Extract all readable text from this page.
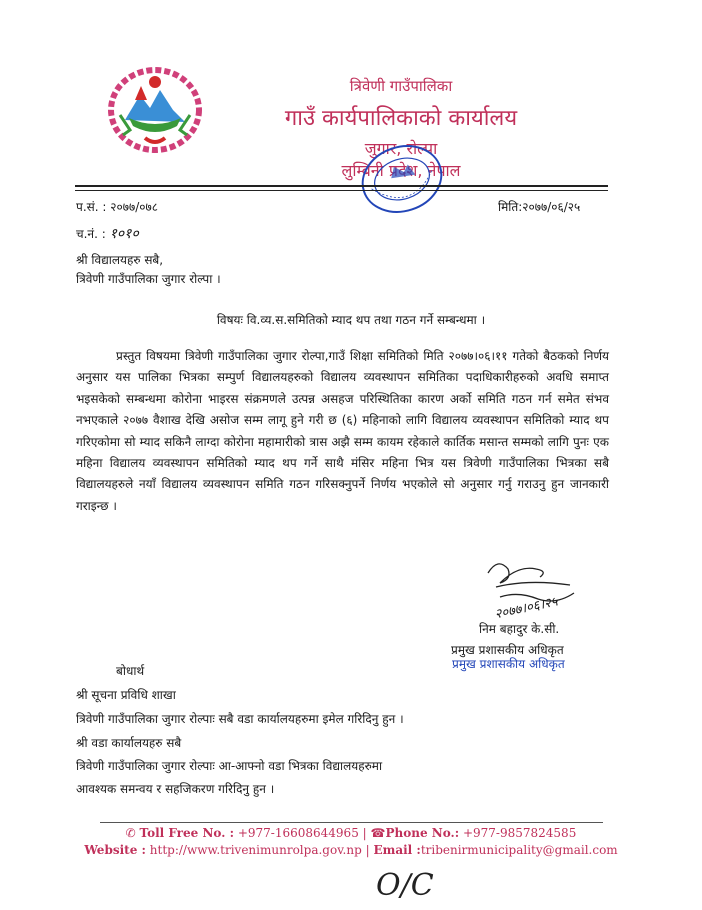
त्रिवेणी गाउँपालिका
गाउँ कार्यपालिकाको कार्यालय
जुगार, रोल्पा
लुम्बिनी प्रदेश, नेपाल
प.सं. : २०७७/०७८
च.नं. : १०१०
मिति:२०७७/०६/२५
श्री विद्यालयहरु सबै,
त्रिवेणी गाउँपालिका जुगार रोल्पा ।
विषयः वि.व्य.स.समितिको म्याद थप तथा गठन गर्ने सम्बन्धमा ।

प्रस्तुत विषयमा त्रिवेणी गाउँपालिका जुगार रोल्पा,गाउँ शिक्षा समितिको मिति २०७७।०६।११ गतेको बैठकको निर्णय अनुसार यस पालिका भित्रका सम्पुर्ण विद्यालयहरुको विद्यालय व्यवस्थापन समितिका पदाधिकारीहरुको अवधि समाप्त भइसकेको सम्बन्धमा कोरोना भाइरस संक्रमणले उत्पन्न असहज परिस्थितिका कारण अर्को समिति गठन गर्न समेत संभव नभएकाले २०७७ वैशाख देखि असोज सम्म लागू हुने गरी छ (६) महिनाको लागि विद्यालय व्यवस्थापन समितिको म्याद थप गरिएकोमा सो म्याद सकिनै लाग्दा कोरोना महामारीको त्रास अझै सम्म कायम रहेकाले कार्तिक मसान्त सम्मको लागि पुनः एक महिना विद्यालय व्यवस्थापन समितिको म्याद थप गर्ने साथै मंसिर महिना भित्र यस त्रिवेणी गाउँपालिका भित्रका सबै विद्यालयहरुले नयाँ विद्यालय व्यवस्थापन समिति गठन गरिसक्नुपर्ने निर्णय भएकोले सो अनुसार गर्नु गराउनु हुन जानकारी गराइन्छ ।

२०७७।०६।२५
निम बहादुर के.सी.
प्रमुख प्रशासकीय अधिकृत
प्रमुख प्रशासकीय अधिकृत
बोधार्थ
श्री सूचना प्रविधि शाखा
त्रिवेणी गाउँपालिका जुगार रोल्पाः सबै वडा कार्यालयहरुमा इमेल गरिदिनु हुन ।
श्री वडा कार्यालयहरु सबै
त्रिवेणी गाउँपालिका जुगार रोल्पाः आ-आफ्नो वडा भित्रका विद्यालयहरुमा
आवश्यक समन्वय र सहजिकरण गरिदिनु हुन ।
✆ Toll Free No. : +977-16608644965 | ☎Phone No.: +977-9857824585
Website : http://www.trivenimunrolpa.gov.np | Email :tribenirmunicipality@gmail.com
O/C
